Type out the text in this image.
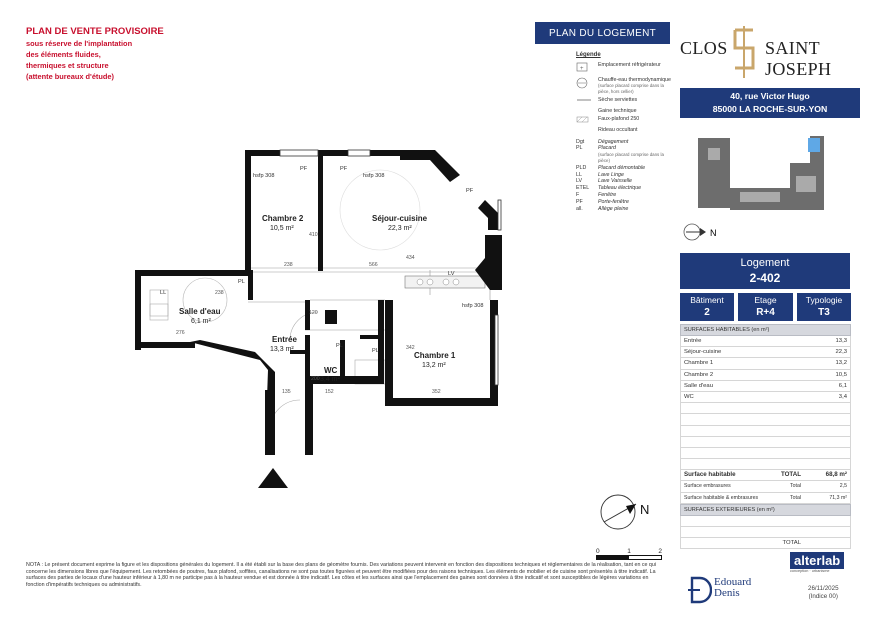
PLAN DE VENTE PROVISOIRE
sous réserve de l'implantation
des éléments fluides,
thermiques et structure
(attente bureaux d'étude)
Chambre 2
10,5 m²
Séjour-cuisine
22,3 m²
Salle d'eau
6,1 m²
Entrée
13,3 m²
WC
3,4 m²
Chambre 1
13,2 m²
hsfp 308	hsfp 308
hsfp 308
PF	PF
PF
PL
PL
PL
LL
LV
238	566
410
434
238
276
120
152	352
342
135
200
PLAN DU LOGEMENT
Légende
+
Emplacement réfrigérateur
Chauffe-eau thermodynamique
(surface placard comprise dans la pièce, hors cellier)
Sèche serviettes
Gaine technique
Faux-plafond 250
Rideau occultant
Dgt	Dégagement
PL	Placard
(surface placard comprise dans la pièce)
PLD	Placard démontable
LL	Lave Linge
LV	Lave Vaisselle
ETEL	Tableau électrique
F	Fenêtre
PF	Porte-fenêtre
all.	Allège pleine
CLOS SAINT JOSEPH
40, rue Victor Hugo
85000 LA ROCHE-SUR-YON
N
Logement
2-402
Bâtiment
2
Etage
R+4
Typologie
T3
SURFACES HABITABLES (en m²)
Entrée	13,3
Séjour-cuisine	22,3
Chambre 1	13,2
Chambre 2	10,5
Salle d'eau	6,1
WC	3,4
Surface habitable	TOTAL	68,8 m²
Surface embrasures	Total	2,5
Surface habitable & embrasures	Total	71,3 m²
SURFACES EXTERIEURES (en m²)
TOTAL
N
0	1	2
NOTA : Le présent document exprime la figure et les dispositions générales du logement. Il a été établi sur la base des plans de géomètre fournis. Des variations peuvent intervenir en fonction des dispositions techniques et réglementaires de la réalisation, tant en ce qui concerne les dimensions libres que l'équipement. Les retombées de poutres, faux plafond, soffites, canalisations ne sont pas toutes figurées et peuvent être modifiées pour des raisons techniques. Les éléments de mobilier et de cuisine sont présentés à titre indicatif. La surfaces des parties de locaux d'une hauteur inférieur à 1,80 m ne participe pas à la hauteur vendue et est donnée à titre indicatif. Les côtes et les surfaces ainsi que l'emplacement des gaines sont données à titre indicatif et sont susceptibles de légères variations en fonction d'impératifs techniques ou administratifs.
alterlab
conception · urbanisme
Edouard
Denis	26/11/2025
(Indice 00)
